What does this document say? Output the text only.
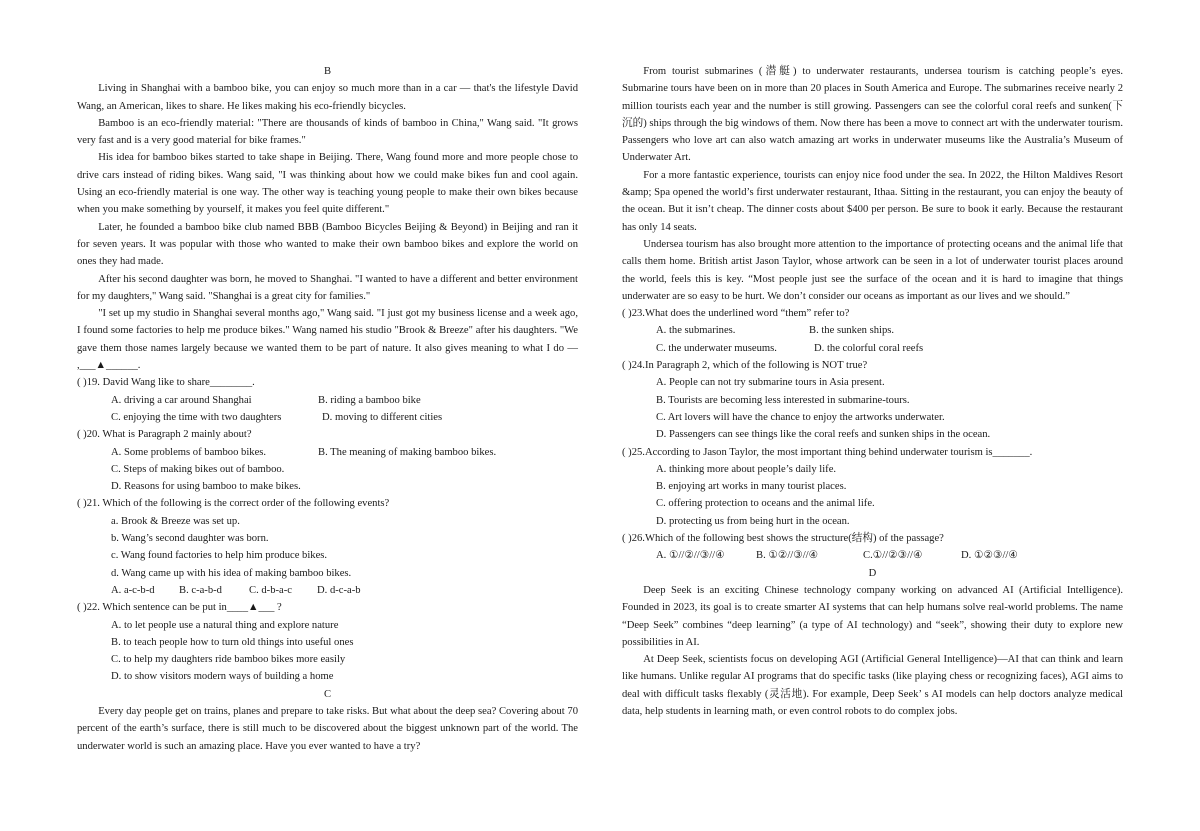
B

Living in Shanghai with a bamboo bike, you can enjoy so much more than in a car — that's the lifestyle David Wang, an American, likes to share. He likes making his eco-friendly bicycles.

Bamboo is an eco-friendly material: "There are thousands of kinds of bamboo in China," Wang said. "It grows very fast and is a very good material for bike frames."

His idea for bamboo bikes started to take shape in Beijing. There, Wang found more and more people chose to drive cars instead of riding bikes. Wang said, "I was thinking about how we could make bikes fun and cool again. Using an eco-friendly material is one way. The other way is teaching young people to make their own bikes because when you make something by yourself, it makes you feel quite different."

Later, he founded a bamboo bike club named BBB (Bamboo Bicycles Beijing & Beyond) in Beijing and ran it for seven years. It was popular with those who wanted to make their own bamboo bikes and explore the world on ones they had made.

After his second daughter was born, he moved to Shanghai. "I wanted to have a different and better environment for my daughters," Wang said. "Shanghai is a great city for families."

"I set up my studio in Shanghai several months ago," Wang said. "I just got my business license and a week ago, I found some factories to help me produce bikes." Wang named his studio "Brook & Breeze" after his daughters. "We gave them those names largely because we wanted them to be part of nature. It also gives meaning to what I do — ,___▲______.

( )19. David Wang like to share________.

A. driving a car around Shanghai	B. riding a bamboo bike
C. enjoying the time with two daughters	D. moving to different cities

( )20. What is Paragraph 2 mainly about?

A. Some problems of bamboo bikes.	B. The meaning of making bamboo bikes.

C. Steps of making bikes out of bamboo.

D. Reasons for using bamboo to make bikes.

( )21. Which of the following is the correct order of the following events?

a. Brook & Breeze was set up.

b. Wang’s second daughter was born.

c. Wang found factories to help him produce bikes.

d. Wang came up with his idea of making bamboo bikes.

A. a-c-b-d	B. c-a-b-d	C. d-b-a-c	D. d-c-a-b

( )22. Which sentence can be put in____▲___ ?

A. to let people use a natural thing and explore nature

B. to teach people how to turn old things into useful ones

C. to help my daughters ride bamboo bikes more easily

D. to show visitors modern ways of building a home

C

Every day people get on trains, planes and prepare to take risks. But what about the deep sea? Covering about 70 percent of the earth’s surface, there is still much to be discovered about the biggest unknown part of the world. The underwater world is such an amazing place. Have you ever wanted to have a try?

From tourist submarines (潜艇) to underwater restaurants, undersea tourism is catching people’s eyes. Submarine tours have been on in more than 20 places in South America and Europe. The submarines receive nearly 2 million tourists each year and the number is still growing. Passengers can see the colorful coral reefs and sunken(下沉的) ships through the big windows of them. Now there has been a move to connect art with the underwater tourism. Passengers who love art can also watch amazing art works in underwater museums like the Australia’s Museum of Underwater Art.

For a more fantastic experience, tourists can enjoy nice food under the sea. In 2022, the Hilton Maldives Resort &amp; Spa opened the world’s first underwater restaurant, Ithaa. Sitting in the restaurant, you can enjoy the beauty of the ocean. But it isn’t cheap. The dinner costs about $400 per person. Be sure to book it early. Because the restaurant has only 14 seats.

Undersea tourism has also brought more attention to the importance of protecting oceans and the animal life that calls them home. British artist Jason Taylor, whose artwork can be seen in a lot of underwater tourist places around the world, feels this is key. “Most people just see the surface of the ocean and it is hard to imagine that things underwater are so easy to be hurt. We don’t consider our oceans as important as our lives and we should.”

( )23.What does the underlined word “them” refer to?

A. the submarines.	B. the sunken ships.
C. the underwater museums.	D. the colorful coral reefs

( )24.In Paragraph 2, which of the following is NOT true?

A. People can not try submarine tours in Asia present.

B. Tourists are becoming less interested in submarine-tours.

C. Art lovers will have the chance to enjoy the artworks underwater.

D. Passengers can see things like the coral reefs and sunken ships in the ocean.

( )25.According to Jason Taylor, the most important thing behind underwater tourism is_______.

A. thinking more about people’s daily life.

B. enjoying art works in many tourist places.

C. offering protection to oceans and the animal life.

D. protecting us from being hurt in the ocean.

( )26.Which of the following best shows the structure(结构) of the passage?

A. ①//②//③//④	B. ①②//③//④	C.①//②③//④	D. ①②③//④

D

Deep Seek is an exciting Chinese technology company working on advanced AI (Artificial Intelligence). Founded in 2023, its goal is to create smarter AI systems that can help humans solve real-world problems. The name “Deep Seek” combines “deep learning” (a type of AI technology) and “seek”, showing their duty to explore new possibilities in AI.

At Deep Seek, scientists focus on developing AGI (Artificial General Intelligence)—AI that can think and learn like humans. Unlike regular AI programs that do specific tasks (like playing chess or recognizing faces), AGI aims to deal with difficult tasks flexably (灵活地). For example, Deep Seek’ s AI models can help doctors analyze medical data, help students in learning math, or even control robots to do complex jobs.
